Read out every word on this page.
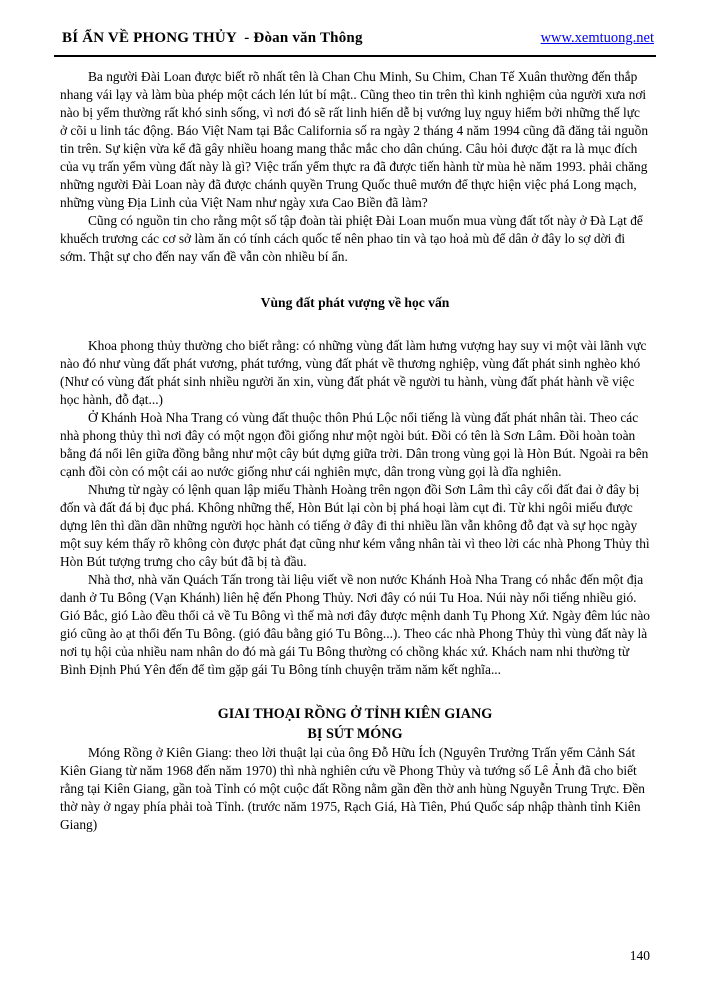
BÍ ẨN VỀ PHONG THỦY  - Đòan văn Thông	www.xemtuong.net

Ba người Đài Loan được biết rõ nhất tên là Chan Chu Minh, Su Chim, Chan Tế Xuân thường đến thắp nhang vái lạy và làm bùa phép một cách lén lút bí mật.. Cũng theo tin trên thì kinh nghiệm của người xưa nơi nào bị yểm thường rất khó sinh sống, vì nơi đó sẽ rất linh hiển dễ bị vướng luỵ nguy hiểm bởi những thế lực ở cõi u linh tác động. Báo Việt Nam tại Bắc California số ra ngày 2 tháng 4 năm 1994 cũng đã đăng tải nguồn tin trên. Sự kiện vừa kể đã gây nhiều hoang mang thắc mắc cho dân chúng. Câu hỏi được đặt ra là mục đích của vụ trấn yểm vùng đất này là gì? Việc trấn yểm thực ra đã được tiến hành từ mùa hè năm 1993. phải chăng những người Đài Loan này đã được chánh quyền Trung Quốc thuê mướn để thực hiện việc phá Long mạch, những vùng Địa Linh của Việt Nam như ngày xưa Cao Biền đã làm?

Cũng có nguồn tin cho rằng một số tập đoàn tài phiệt Đài Loan muốn mua vùng đất tốt này ở Đà Lạt để khuếch trương các cơ sở làm ăn có tính cách quốc tế nên phao tin và tạo hoả mù để dân ở đây lo sợ dời đi sớm. Thật sự cho đến nay vấn đề vẫn còn nhiều bí ẩn.

Vùng đất phát vượng về học vấn

Khoa phong thủy thường cho biết rằng: có những vùng đất làm hưng vượng hay suy vi một vài lãnh vực nào đó như vùng đất phát vương, phát tướng, vùng đất phát về thương nghiệp, vùng đất phát sinh nghèo khó (Như có vùng đất phát sinh nhiều người ăn xin, vùng đất phát về người tu hành, vùng đất phát hành về việc học hành, đỗ đạt...)

Ở Khánh Hoà Nha Trang có vùng đất thuộc thôn Phú Lộc nổi tiếng là vùng đất phát nhân tài. Theo các nhà phong thủy thì nơi đây có một ngọn đồi giống như một ngòi bút. Đồi có tên là Sơn Lâm. Đồi hoàn toàn bằng đá nổi lên giữa đồng bằng như một cây bút dựng giữa trời. Dân trong vùng gọi là Hòn Bút. Ngoài ra bên cạnh đồi còn có một cái ao nước giống như cái nghiên mực, dân trong vùng gọi là dĩa nghiên.

Nhưng từ ngày có lệnh quan lập miếu Thành Hoàng trên ngọn đồi Sơn Lâm thì cây cối đất đai ở đây bị đốn và đất đá bị đục phá. Không những thế, Hòn Bút lại còn bị phá hoại làm cụt đi. Từ khi ngôi miếu được dựng lên thì dần dần những người học hành có tiếng ở đây đi thi nhiều lần vẫn không đỗ đạt và sự học ngày một suy kém thấy rõ không còn được phát đạt cũng như kém vắng nhân tài vì theo lời các nhà Phong Thủy thì Hòn Bút tượng trưng cho cây bút đã bị tà đầu.

Nhà thơ, nhà văn Quách Tấn trong tài liệu viết về non nước Khánh Hoà Nha Trang có nhắc đến một địa danh ở Tu Bông (Vạn Khánh) liên hệ đến Phong Thủy. Nơi đây có núi Tu Hoa. Núi này nổi tiếng nhiều gió. Gió Bắc, gió Lào đều thổi cả về Tu Bông vì thế mà nơi đây được mệnh danh Tụ Phong Xứ. Ngày đêm lúc nào gió cũng ào ạt thổi đến Tu Bông. (gió đâu bằng gió Tu Bông...). Theo các nhà Phong Thủy thì vùng đất này là nơi tụ hội của nhiều nam nhân do đó mà gái Tu Bông thường có chồng khác xứ. Khách nam nhi thường từ Bình Định Phú Yên đến để tìm gặp gái Tu Bông tính chuyện trăm năm kết nghĩa...

GIAI THOẠI RỒNG Ở TỈNH KIÊN GIANG
BỊ SÚT MÓNG

Móng Rồng ở Kiên Giang: theo lời thuật lại của ông Đỗ Hữu Ích (Nguyên Trưởng Trấn yểm Cảnh Sát Kiên Giang từ năm 1968 đến năm 1970) thì nhà nghiên cứu về Phong Thủy và tướng số Lê Ảnh đã cho biết rằng tại Kiên Giang, gần toà Tỉnh có một cuộc đất Rồng nằm gần đền thờ anh hùng Nguyễn Trung Trực. Đền thờ này ở ngay phía phải toà Tỉnh. (trước năm 1975, Rạch Giá, Hà Tiên, Phú Quốc sáp nhập thành tỉnh Kiên Giang)

140
